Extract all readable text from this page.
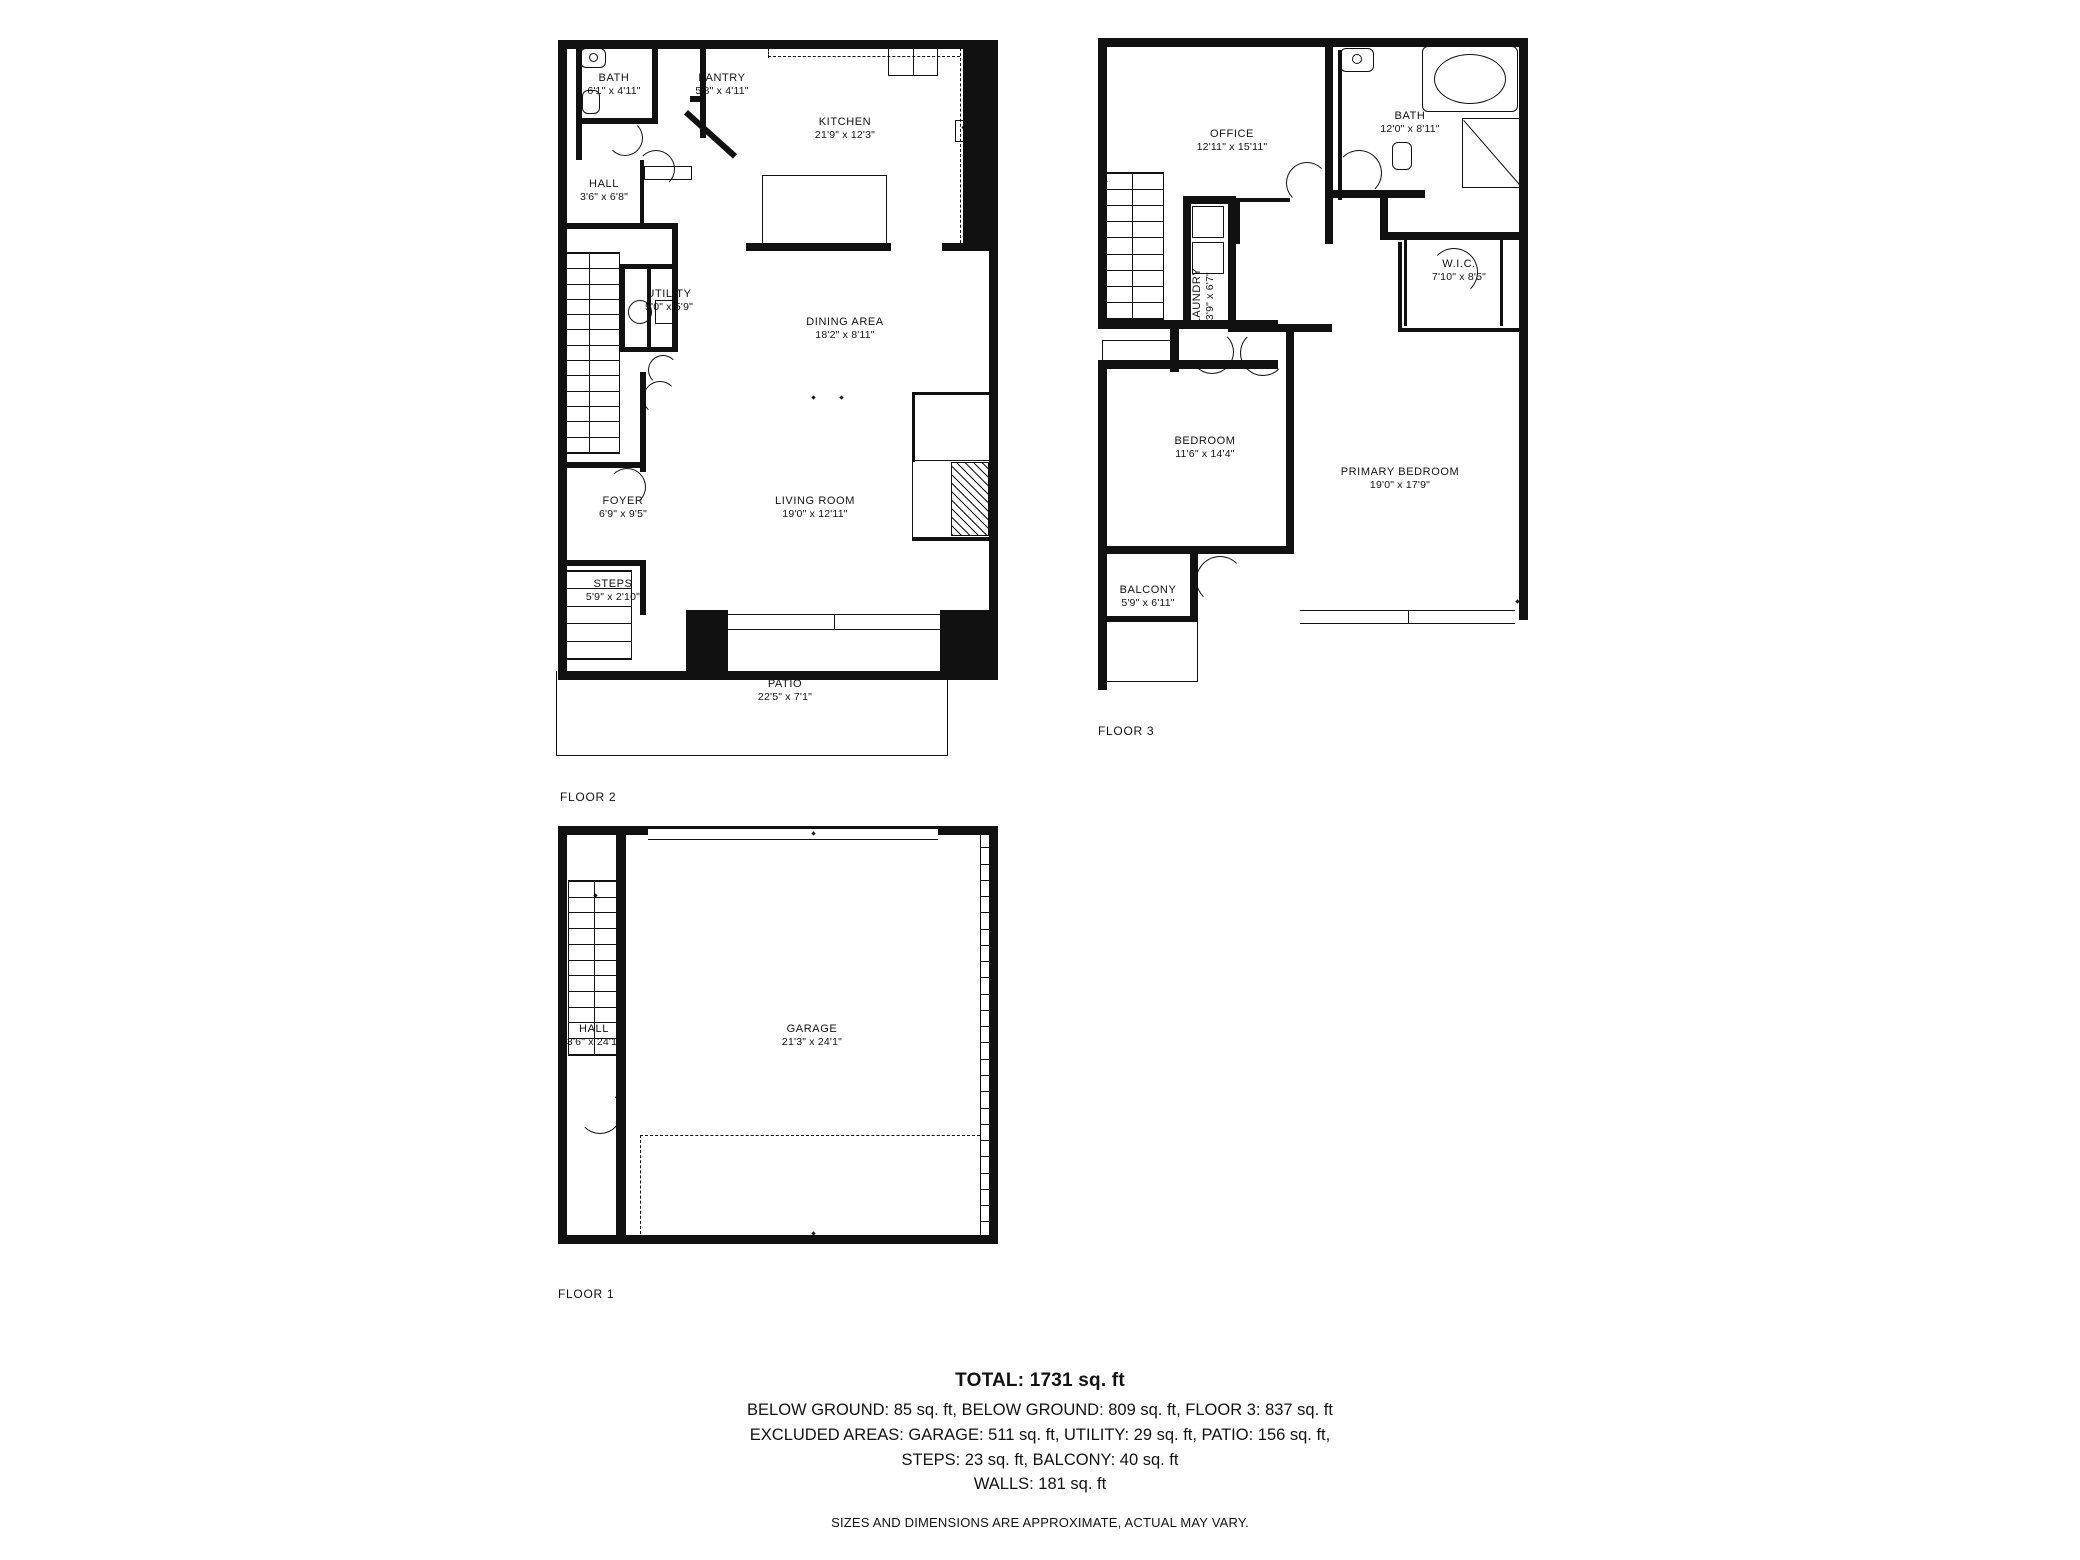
BATH
6'1" x 4'11"
PANTRY
5'8" x 4'11"
KITCHEN
21'9" x 12'3"
HALL
3'6" x 6'8"
UTILITY
5'0" x 5'9"
DINING AREA
18'2" x 8'11"
FOYER
6'9" x 9'5"
LIVING ROOM
19'0" x 12'11"
STEPS
5'9" x 2'10"
PATIO
22'5" x 7'1"
FLOOR 2
OFFICE
12'11" x 15'11"
BATH
12'0" x 8'11"
LAUNDRY 3'9" x 6'7"
W.I.C.
7'10" x 8'5"
BEDROOM
11'6" x 14'4"
PRIMARY BEDROOM
19'0" x 17'9"
BALCONY
5'9" x 6'11"
FLOOR 3
HALL
3'6" x 24'1"
GARAGE
21'3" x 24'1"
FLOOR 1
TOTAL: 1731 sq. ft
BELOW GROUND: 85 sq. ft, BELOW GROUND: 809 sq. ft, FLOOR 3: 837 sq. ft
EXCLUDED AREAS: GARAGE: 511 sq. ft, UTILITY: 29 sq. ft, PATIO: 156 sq. ft,
STEPS: 23 sq. ft, BALCONY: 40 sq. ft
WALLS: 181 sq. ft
SIZES AND DIMENSIONS ARE APPROXIMATE, ACTUAL MAY VARY.
